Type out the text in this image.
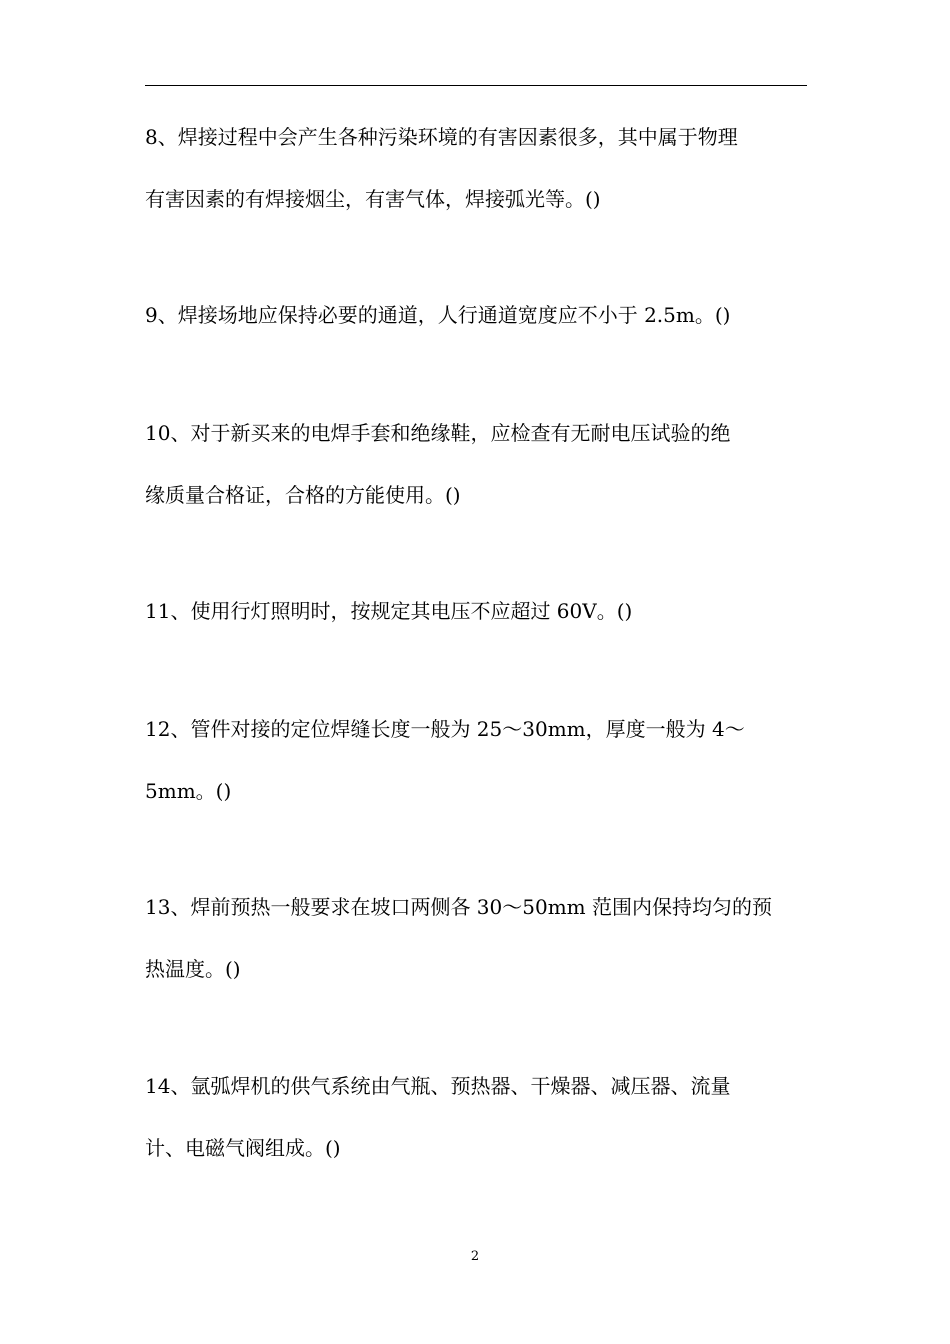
8、焊接过程中会产生各种污染环境的有害因素很多，其中属于物理
有害因素的有焊接烟尘，有害气体，焊接弧光等。()
9、焊接场地应保持必要的通道，人行通道宽度应不小于 2.5m。()
10、对于新买来的电焊手套和绝缘鞋，应检查有无耐电压试验的绝
缘质量合格证，合格的方能使用。()
11、使用行灯照明时，按规定其电压不应超过 60V。()
12、管件对接的定位焊缝长度一般为 25～30mm，厚度一般为 4～
5mm。()
13、焊前预热一般要求在坡口两侧各 30～50mm 范围内保持均匀的预
热温度。()
14、氩弧焊机的供气系统由气瓶、预热器、干燥器、减压器、流量
计、电磁气阀组成。()
2
